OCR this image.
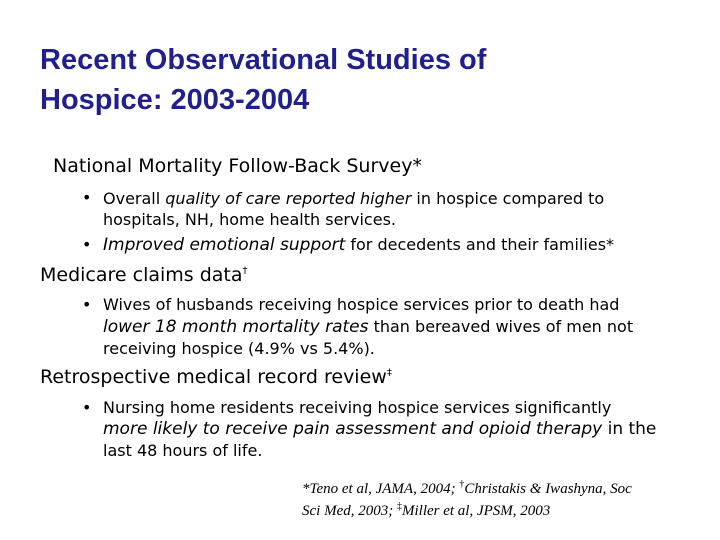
Recent Observational Studies of
Hospice: 2003-2004
National Mortality Follow-Back Survey*
• Overall quality of care reported higher in hospice compared to
hospitals, NH, home health services.
• Improved emotional support for decedents and their families*
Medicare claims data†
• Wives of husbands receiving hospice services prior to death had
lower 18 month mortality rates than bereaved wives of men not
receiving hospice (4.9% vs 5.4%).
Retrospective medical record review‡
• Nursing home residents receiving hospice services significantly
more likely to receive pain assessment and opioid therapy in the
last 48 hours of life.
*Teno et al, JAMA, 2004; †Christakis & Iwashyna, Soc
Sci Med, 2003; ‡Miller et al, JPSM, 2003
